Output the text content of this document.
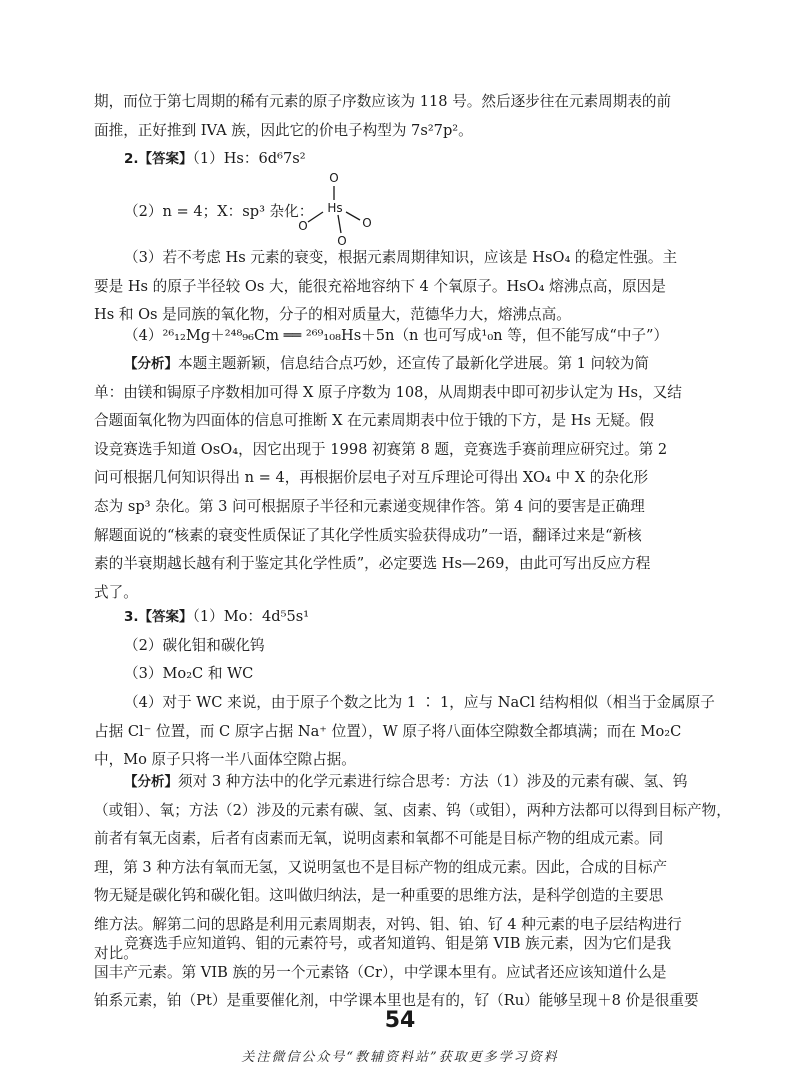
期，而位于第七周期的稀有元素的原子序数应该为 118 号。然后逐步往在元素周期表的前
面推，正好推到 IVA 族，因此它的价电子构型为 7s²7p²。
2.【答案】（1）Hs：6d⁶7s²
（2）n = 4；X：sp³ 杂化：
O
Hs
O	O
O
（3）若不考虑 Hs 元素的衰变，根据元素周期律知识，应该是 HsO₄ 的稳定性强。主
要是 Hs 的原子半径较 Os 大，能很充裕地容纳下 4 个氧原子。HsO₄ 熔沸点高，原因是
Hs 和 Os 是同族的氧化物，分子的相对质量大，范德华力大，熔沸点高。
（4）²⁶₁₂Mg＋²⁴⁸₉₆Cm ══ ²⁶⁹₁₀₈Hs＋5n（n 也可写成¹₀n 等，但不能写成“中子”）
【分析】本题主题新颖，信息结合点巧妙，还宣传了最新化学进展。第 1 问较为简
单：由镁和锔原子序数相加可得 X 原子序数为 108，从周期表中即可初步认定为 Hs，又结
合题面氧化物为四面体的信息可推断 X 在元素周期表中位于锇的下方，是 Hs 无疑。假
设竞赛选手知道 OsO₄，因它出现于 1998 初赛第 8 题，竞赛选手赛前理应研究过。第 2
问可根据几何知识得出 n = 4，再根据价层电子对互斥理论可得出 XO₄ 中 X 的杂化形
态为 sp³ 杂化。第 3 问可根据原子半径和元素递变规律作答。第 4 问的要害是正确理
解题面说的“核素的衰变性质保证了其化学性质实验获得成功”一语，翻译过来是“新核
素的半衰期越长越有利于鉴定其化学性质”，必定要选 Hs—269，由此可写出反应方程
式了。
3.【答案】（1）Mo：4d⁵5s¹
（2）碳化钼和碳化钨
（3）Mo₂C 和 WC
（4）对于 WC 来说，由于原子个数之比为 1 ∶ 1，应与 NaCl 结构相似（相当于金属原子
占据 Cl⁻ 位置，而 C 原字占据 Na⁺ 位置），W 原子将八面体空隙数全都填满；而在 Mo₂C
中，Mo 原子只将一半八面体空隙占据。
【分析】须对 3 种方法中的化学元素进行综合思考：方法（1）涉及的元素有碳、氢、钨
（或钼）、氧；方法（2）涉及的元素有碳、氢、卤素、钨（或钼），两种方法都可以得到目标产物，
前者有氧无卤素，后者有卤素而无氧，说明卤素和氧都不可能是目标产物的组成元素。同
理，第 3 种方法有氧而无氢，又说明氢也不是目标产物的组成元素。因此，合成的目标产
物无疑是碳化钨和碳化钼。这叫做归纳法，是一种重要的思维方法，是科学创造的主要思
维方法。解第二问的思路是利用元素周期表，对钨、钼、铂、钌 4 种元素的电子层结构进行
对比。
竞赛选手应知道钨、钼的元素符号，或者知道钨、钼是第 VIB 族元素，因为它们是我
国丰产元素。第 VIB 族的另一个元素铬（Cr），中学课本里有。应试者还应该知道什么是
铂系元素，铂（Pt）是重要催化剂，中学课本里也是有的，钌（Ru）能够呈现＋8 价是很重要
54
关注微信公众号“教辅资料站”获取更多学习资料
